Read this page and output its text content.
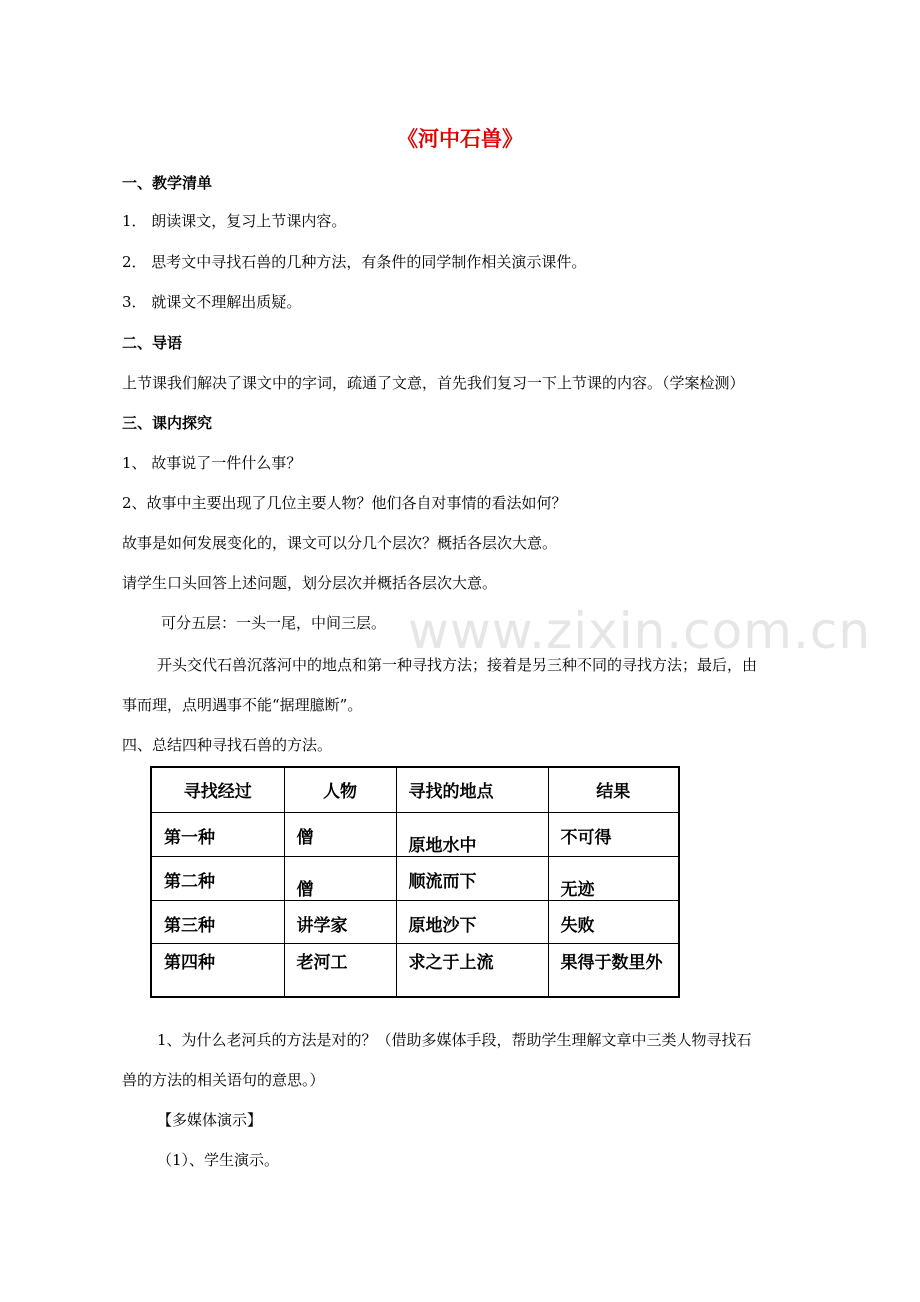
www.zixin.com.cn
《河中石兽》
一、教学清单
1． 朗读课文，复习上节课内容。
2． 思考文中寻找石兽的几种方法，有条件的同学制作相关演示课件。
3． 就课文不理解出质疑。
二、导语
上节课我们解决了课文中的字词，疏通了文意，首先我们复习一下上节课的内容。（学案检测）
三、课内探究
1、 故事说了一件什么事？
2、故事中主要出现了几位主要人物？他们各自对事情的看法如何？
故事是如何发展变化的，课文可以分几个层次？概括各层次大意。
请学生口头回答上述问题，划分层次并概括各层次大意。
可分五层：一头一尾，中间三层。
开头交代石兽沉落河中的地点和第一种寻找方法；接着是另三种不同的寻找方法；最后，由
事而理，点明遇事不能“据理臆断”。
四、总结四种寻找石兽的方法。
寻找经过	人物	寻找的地点	结果
第一种	僧	原地水中	不可得
第二种	僧	顺流而下	无迹

第三种	讲学家	原地沙下	失败
第四种	老河工	求之于上流	果得于数里外
1、为什么老河兵的方法是对的？（借助多媒体手段，帮助学生理解文章中三类人物寻找石
兽的方法的相关语句的意思。）
【多媒体演示】
（1）、学生演示。
